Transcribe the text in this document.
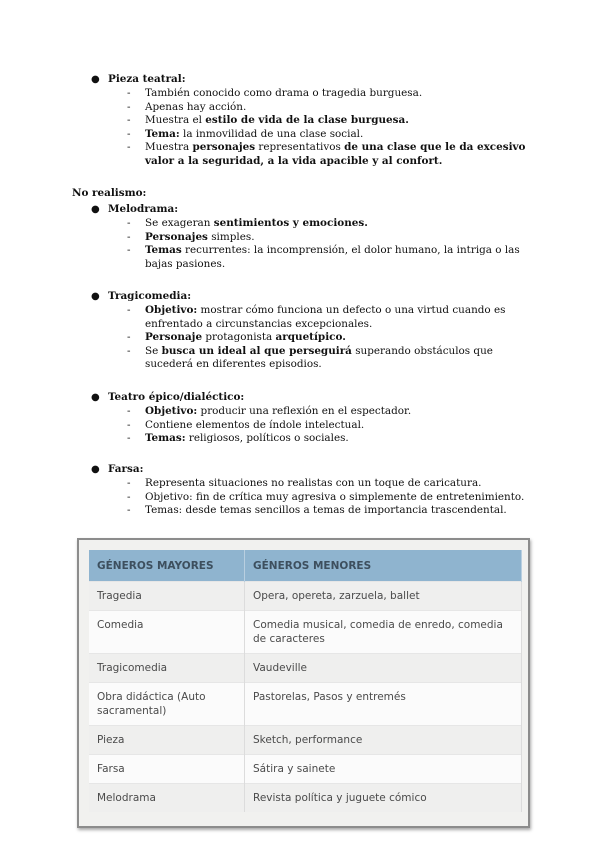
● Pieza teatral:
- También conocido como drama o tragedia burguesa.
- Apenas hay acción.
- Muestra el estilo de vida de la clase burguesa.
- Tema: la inmovilidad de una clase social.
- Muestra personajes representativos de una clase que le da excesivo valor a la seguridad, a la vida apacible y al confort.
No realismo:
● Melodrama:
- Se exageran sentimientos y emociones.
- Personajes simples.
- Temas recurrentes: la incomprensión, el dolor humano, la intriga o las bajas pasiones.
● Tragicomedia:
- Objetivo: mostrar cómo funciona un defecto o una virtud cuando es enfrentado a circunstancias excepcionales.
- Personaje protagonista arquetípico.
- Se busca un ideal al que perseguirá superando obstáculos que sucederá en diferentes episodios.
● Teatro épico/dialéctico:
- Objetivo: producir una reflexión en el espectador.
- Contiene elementos de índole intelectual.
- Temas: religiosos, políticos o sociales.
● Farsa:
- Representa situaciones no realistas con un toque de caricatura.
- Objetivo: fin de crítica muy agresiva o simplemente de entretenimiento.
- Temas: desde temas sencillos a temas de importancia trascendental.
GÉNEROS MAYORES	GÉNEROS MENORES
Tragedia	Opera, opereta, zarzuela, ballet
Comedia	Comedia musical, comedia de enredo, comedia de caracteres
Tragicomedia	Vaudeville
Obra didáctica (Auto sacramental)	Pastorelas, Pasos y entremés
Pieza	Sketch, performance
Farsa	Sátira y sainete
Melodrama	Revista política y juguete cómico
